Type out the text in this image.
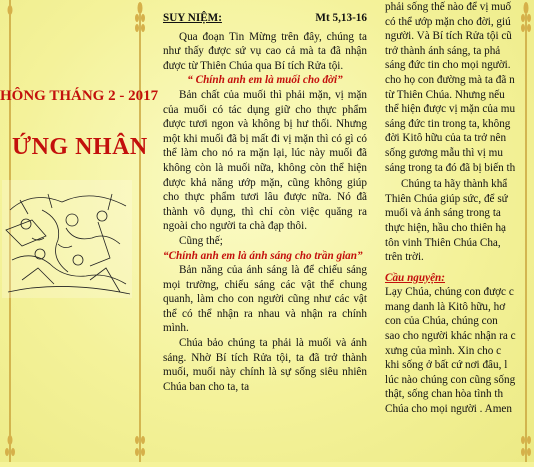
HÔNG THÁNG 2 - 2017
ỨNG NHÂN
SUY NIỆM:	Mt 5,13-16

Qua đoạn Tin Mừng trên đây, chúng ta như thấy được sứ vụ cao cả mà ta đã nhận được từ Thiên Chúa qua Bí tích Rửa tội.

“ Chính anh em là muối cho đời”

Bản chất của muối thì phải mặn, vị mặn của muối có tác dụng giữ cho thực phẩm được tươi ngon và không bị hư thối. Nhưng một khi muối đã bị mất đi vị mặn thì có gì có thể làm cho nó ra mặn lại, lúc này muối đã không còn là muối nữa, không còn thể hiện được khả năng ướp mặn, cũng không giúp cho thực phẩm tươi lâu được nữa. Nó đã thành vô dụng, thì chỉ còn việc quăng ra ngoài cho người ta chà đạp thôi.

Cũng thế;

“Chính anh em là ánh sáng cho trần gian”

Bản năng của ánh sáng là để chiếu sáng mọi trường, chiếu sáng các vật thể chung quanh, làm cho con người cũng như các vật thể có thể nhận ra nhau và nhận ra chính mình.

Chúa bảo chúng ta phải là muối và ánh sáng. Nhờ Bí tích Rửa tội, ta đã trở thành muối, muối này chính là sự sống siêu nhiên Chúa ban cho ta, ta

phải sống thế nào để vị muố

có thể ướp mặn cho đời, giú

người. Và Bí tích Rửa tội cũ

trở thành ánh sáng, ta phả

sáng đức tin cho mọi người.

cho họ con đường mà ta đã n

từ Thiên Chúa. Nhưng nếu

thể hiện được vị mặn của mu

sáng đức tin trong ta, không

đời Kitô hữu của ta trở nên

sống gương mẫu thì vị mu

sáng trong ta đó đã bị biến th

Chúng ta hãy thành khẩ

Thiên Chúa giúp sức, để sứ

muối và ánh sáng trong ta

thực hiện, hầu cho thiên hạ

tôn vinh Thiên Chúa Cha,

trên trời.

Cầu nguyện:

Lạy Chúa, chúng con được c

mang danh là Kitô hữu, hơ

con của Chúa, chúng con

sao cho người khác nhận ra c

xưng của mình. Xin cho c

khi sống ở bất cứ nơi đâu, l

lúc nào chúng con cũng sống

thật, sống chan hòa tình th

Chúa cho mọi người . Amen
